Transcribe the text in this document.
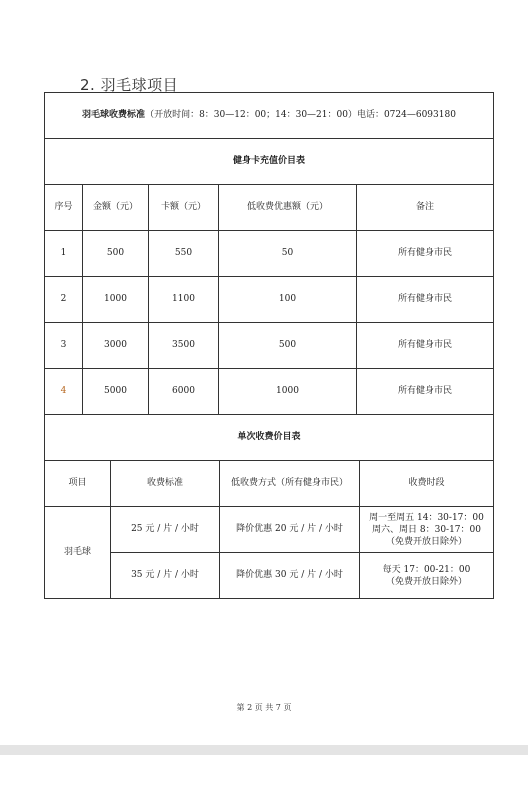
2. 羽毛球项目
羽毛球收费标准（开放时间：8：30—12：00；14：30—21：00）电话：0724—6093180				
健身卡充值价目表				
序号	金额（元）	卡额（元）	低收费优惠额（元）	备注
1	500	550	50	所有健身市民
2	1000	1100	100	所有健身市民
3	3000	3500	500	所有健身市民
4	5000	6000	1000	所有健身市民
单次收费价目表				
项目	收费标准	低收费方式（所有健身市民）	收费时段
羽毛球	25 元 / 片 / 小时	降价优惠 20 元 / 片 / 小时	周一至周五 14：30-17：00
周六、周日 8：30-17：00
（免费开放日除外）

	35 元 / 片 / 小时	降价优惠 30 元 / 片 / 小时	每天 17：00-21：00
（免费开放日除外）
第 2 页 共 7 页
